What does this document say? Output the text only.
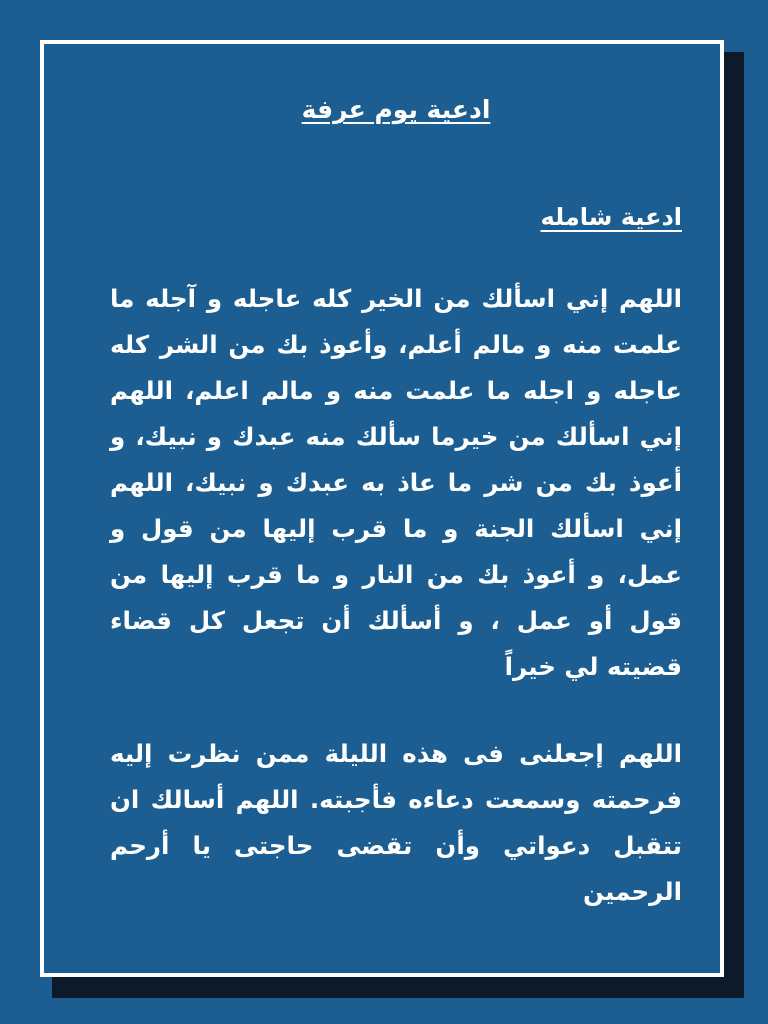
ادعية يوم عرفة
ادعية شامله

اللهم إني اسألك من الخير كله عاجله و آجله ما علمت منه و مالم أعلم، وأعوذ بك من الشر كله عاجله و اجله ما علمت منه و مالم اعلم، اللهم إني اسألك من خيرما سألك منه عبدك و نبيك، و أعوذ بك من شر ما عاذ به عبدك و نبيك، اللهم إني اسألك الجنة و ما قرب إليها من قول و عمل، و أعوذ بك من النار و ما قرب إليها من قول أو عمل ، و أسألك أن تجعل كل قضاء قضيته لي خيراً

اللهم إجعلنى فى هذه الليلة ممن نظرت إليه فرحمته وسمعت دعاءه فأجبته. اللهم أسالك ان تتقبل دعواتي وأن تقضى حاجتى يا أرحم الرحمين
